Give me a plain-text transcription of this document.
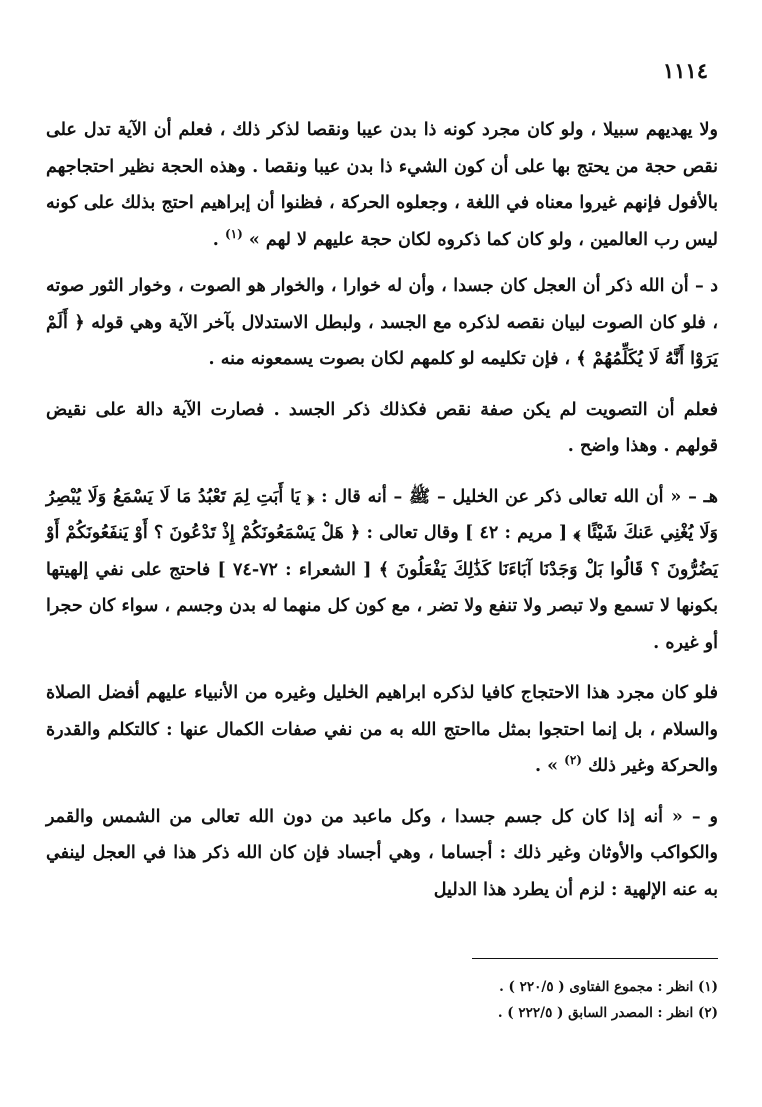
١١١٤

ولا يهديهم سبيلا ، ولو كان مجرد كونه ذا بدن عيبا ونقصا لذكر ذلك ، فعلم أن الآية تدل على نقص حجة من يحتج بها على أن كون الشيء ذا بدن عيبا ونقصا . وهذه الحجة نظير احتجاجهم بالأفول فإنهم غيروا معناه في اللغة ، وجعلوه الحركة ، فظنوا أن إبراهيم احتج بذلك على كونه ليس رب العالمين ، ولو كان كما ذكروه لكان حجة عليهم لا لهم » $^{(١)}$ .

د – أن الله ذكر أن العجل كان جسدا ، وأن له خوارا ، والخوار هو الصوت ، وخوار الثور صوته ، فلو كان الصوت لبيان نقصه لذكره مع الجسد ، ولبطل الاستدلال بآخر الآية وهي قوله ﴿ أَلَمْ يَرَوْا أَنَّهُ لَا يُكَلِّمُهُمْ ﴾ ، فإن تكليمه لو كلمهم لكان بصوت يسمعونه منه .

فعلم أن التصويت لم يكن صفة نقص فكذلك ذكر الجسد . فصارت الآية دالة على نقيض قولهم . وهذا واضح .

هـ – « أن الله تعالى ذكر عن الخليل – ﷺ – أنه قال : ﴿ يَا أَبَتِ لِمَ تَعْبُدُ مَا لَا يَسْمَعُ وَلَا يُبْصِرُ وَلَا يُغْنِي عَنكَ شَيْئًا ﴾ [ مريم : ٤٢ ] وقال تعالى : ﴿ هَلْ يَسْمَعُونَكُمْ إِذْ تَدْعُونَ ؟ أَوْ يَنفَعُونَكُمْ أَوْ يَضُرُّونَ ؟ قَالُوا بَلْ وَجَدْنَا آبَاءَنَا كَذَٰلِكَ يَفْعَلُونَ ﴾ [ الشعراء : ٧٢-٧٤ ] فاحتج على نفي إلهيتها بكونها لا تسمع ولا تبصر ولا تنفع ولا تضر ، مع كون كل منهما له بدن وجسم ، سواء كان حجرا أو غيره .

فلو كان مجرد هذا الاحتجاج كافيا لذكره ابراهيم الخليل وغيره من الأنبياء عليهم أفضل الصلاة والسلام ، بل إنما احتجوا بمثل مااحتج الله به من نفي صفات الكمال عنها : كالتكلم والقدرة والحركة وغير ذلك $^{(٢)}$ » .

و – « أنه إذا كان كل جسم جسدا ، وكل ماعبد من دون الله تعالى من الشمس والقمر والكواكب والأوثان وغير ذلك : أجساما ، وهي أجساد فإن كان الله ذكر هذا في العجل لينفي به عنه الإلهية : لزم أن يطرد هذا الدليل

(١) انظر : مجموع الفتاوى ( ٢٢٠/٥ ) .
(٢) انظر : المصدر السابق ( ٢٢٢/٥ ) .
